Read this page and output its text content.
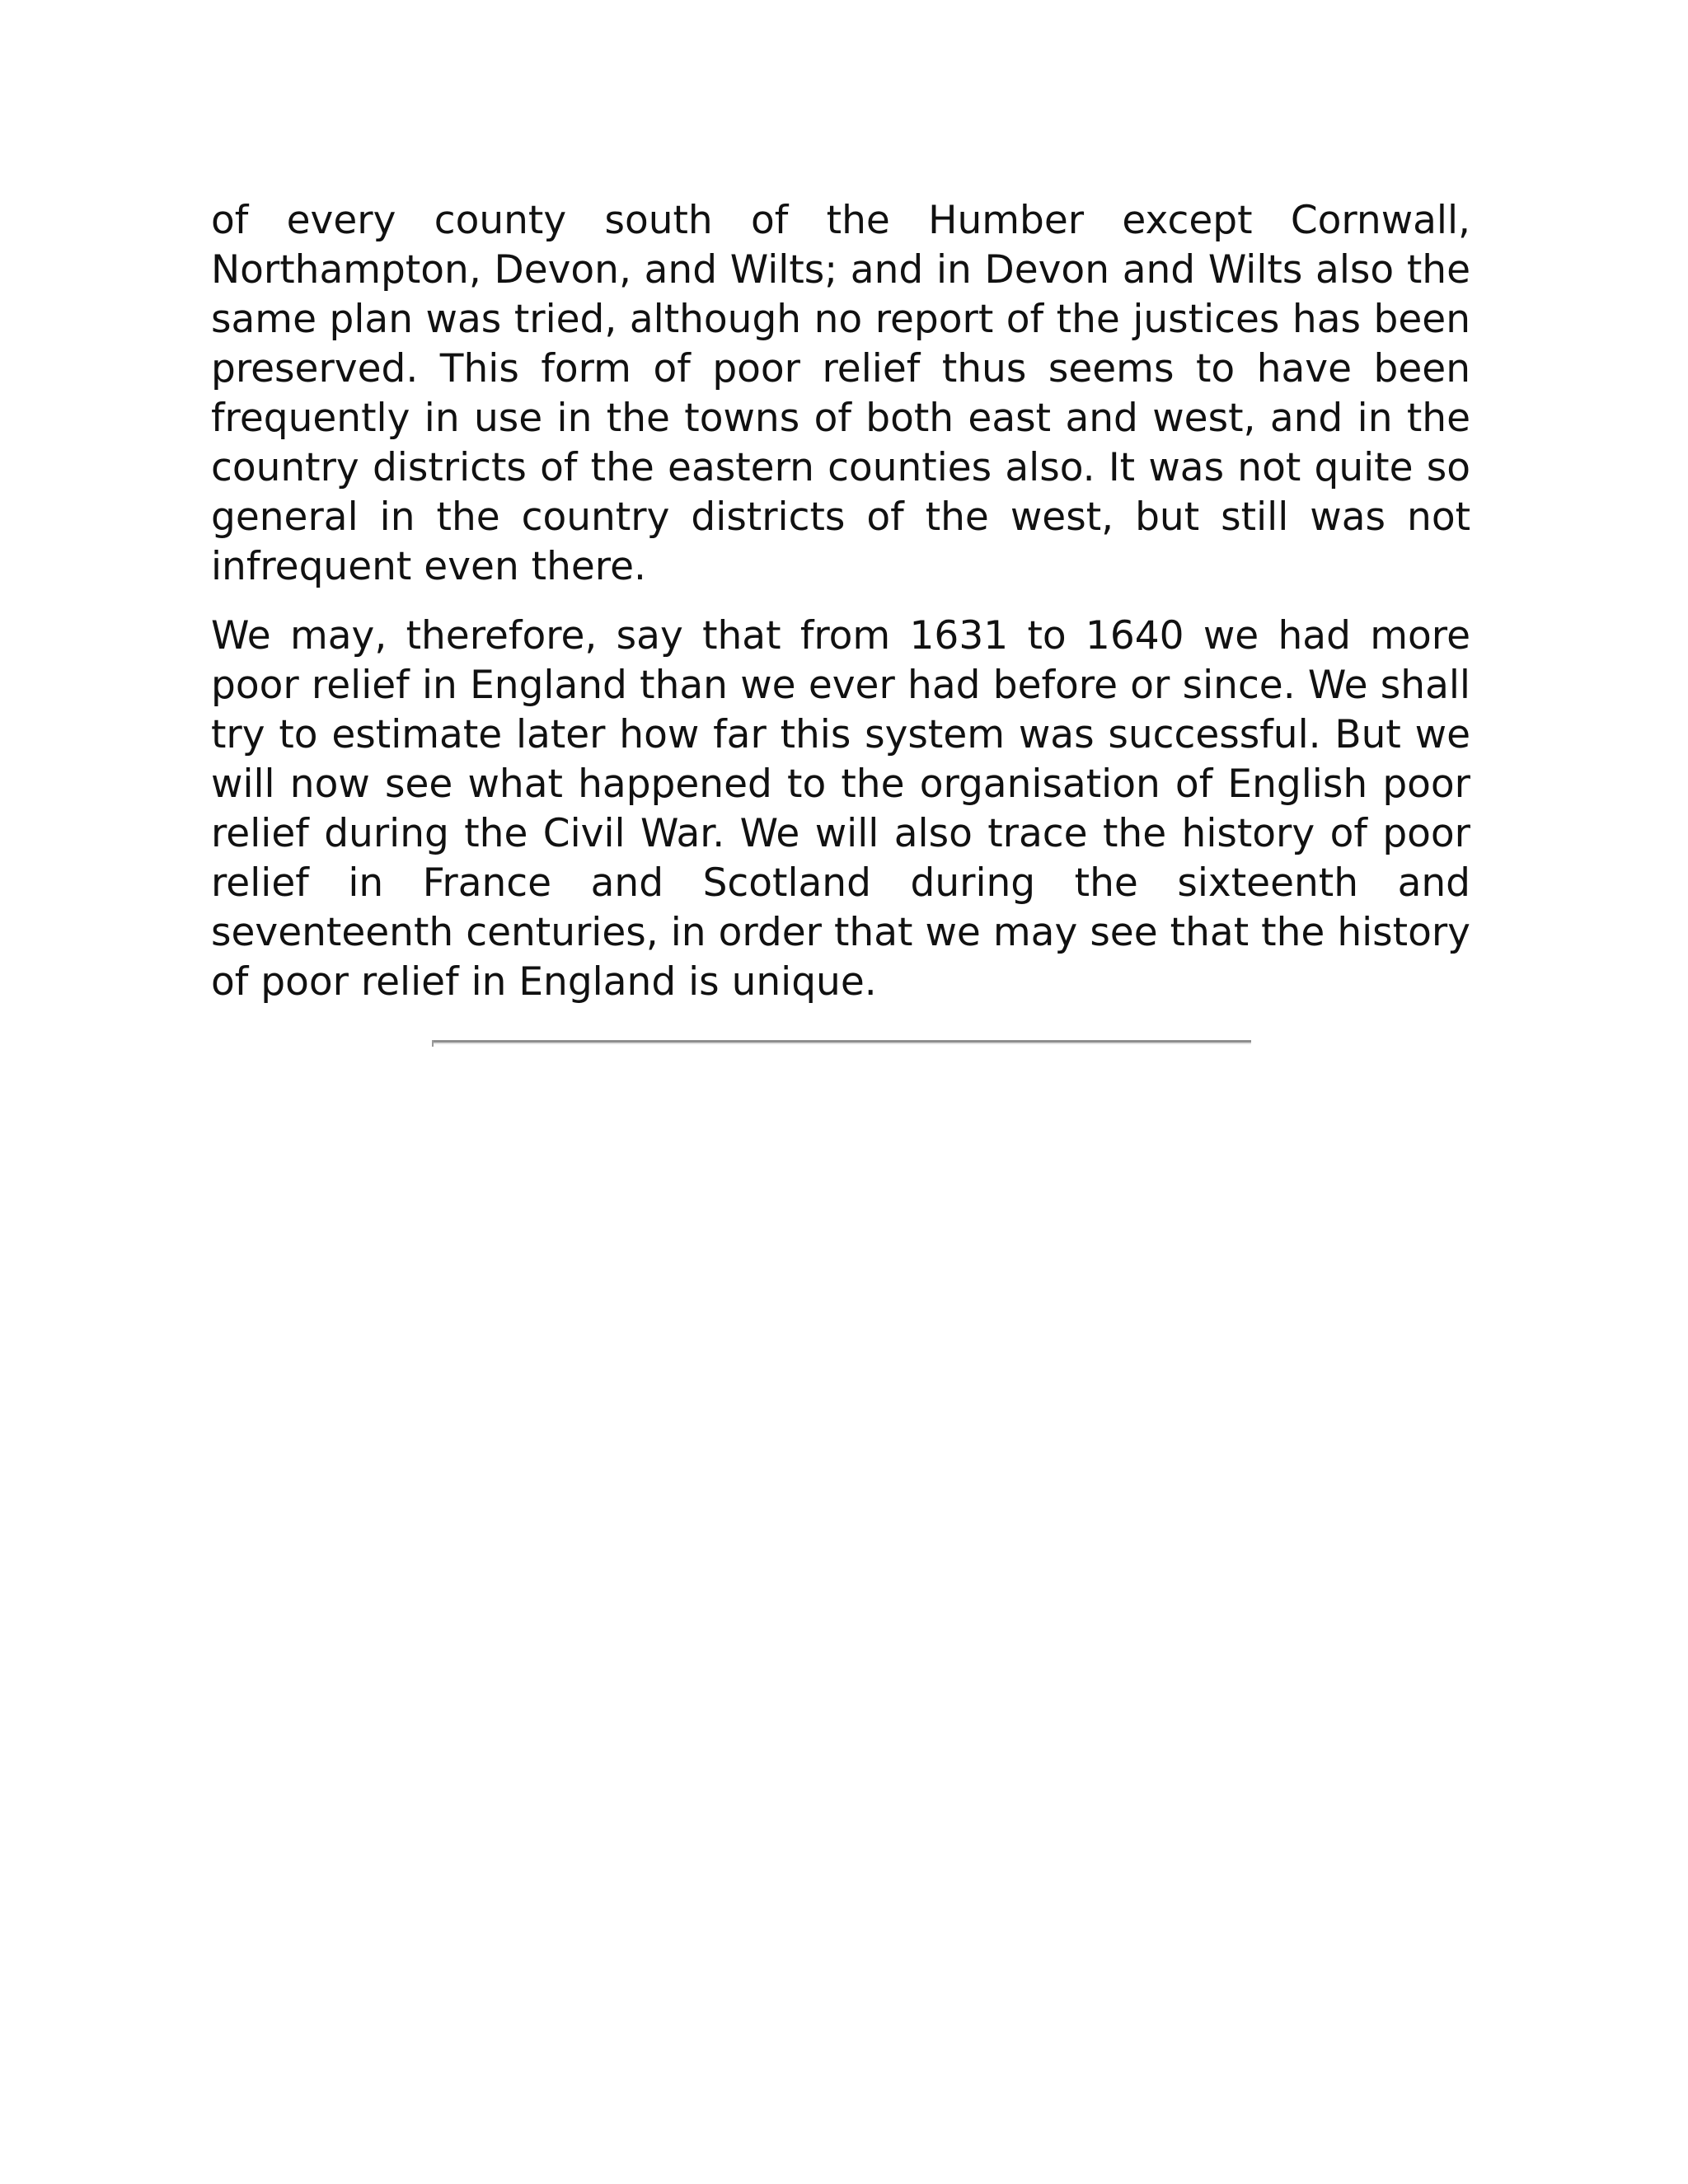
of every county south of the Humber except Cornwall, Northampton, Devon, and Wilts; and in Devon and Wilts also the same plan was tried, although no report of the justices has been preserved. This form of poor relief thus seems to have been frequently in use in the towns of both east and west, and in the country districts of the eastern counties also. It was not quite so general in the country districts of the west, but still was not infrequent even there.

We may, therefore, say that from 1631 to 1640 we had more poor relief in England than we ever had before or since. We shall try to estimate later how far this system was successful. But we will now see what happened to the organisation of English poor relief during the Civil War. We will also trace the history of poor relief in France and Scotland during the sixteenth and seventeenth centuries, in order that we may see that the history of poor relief in England is unique.
